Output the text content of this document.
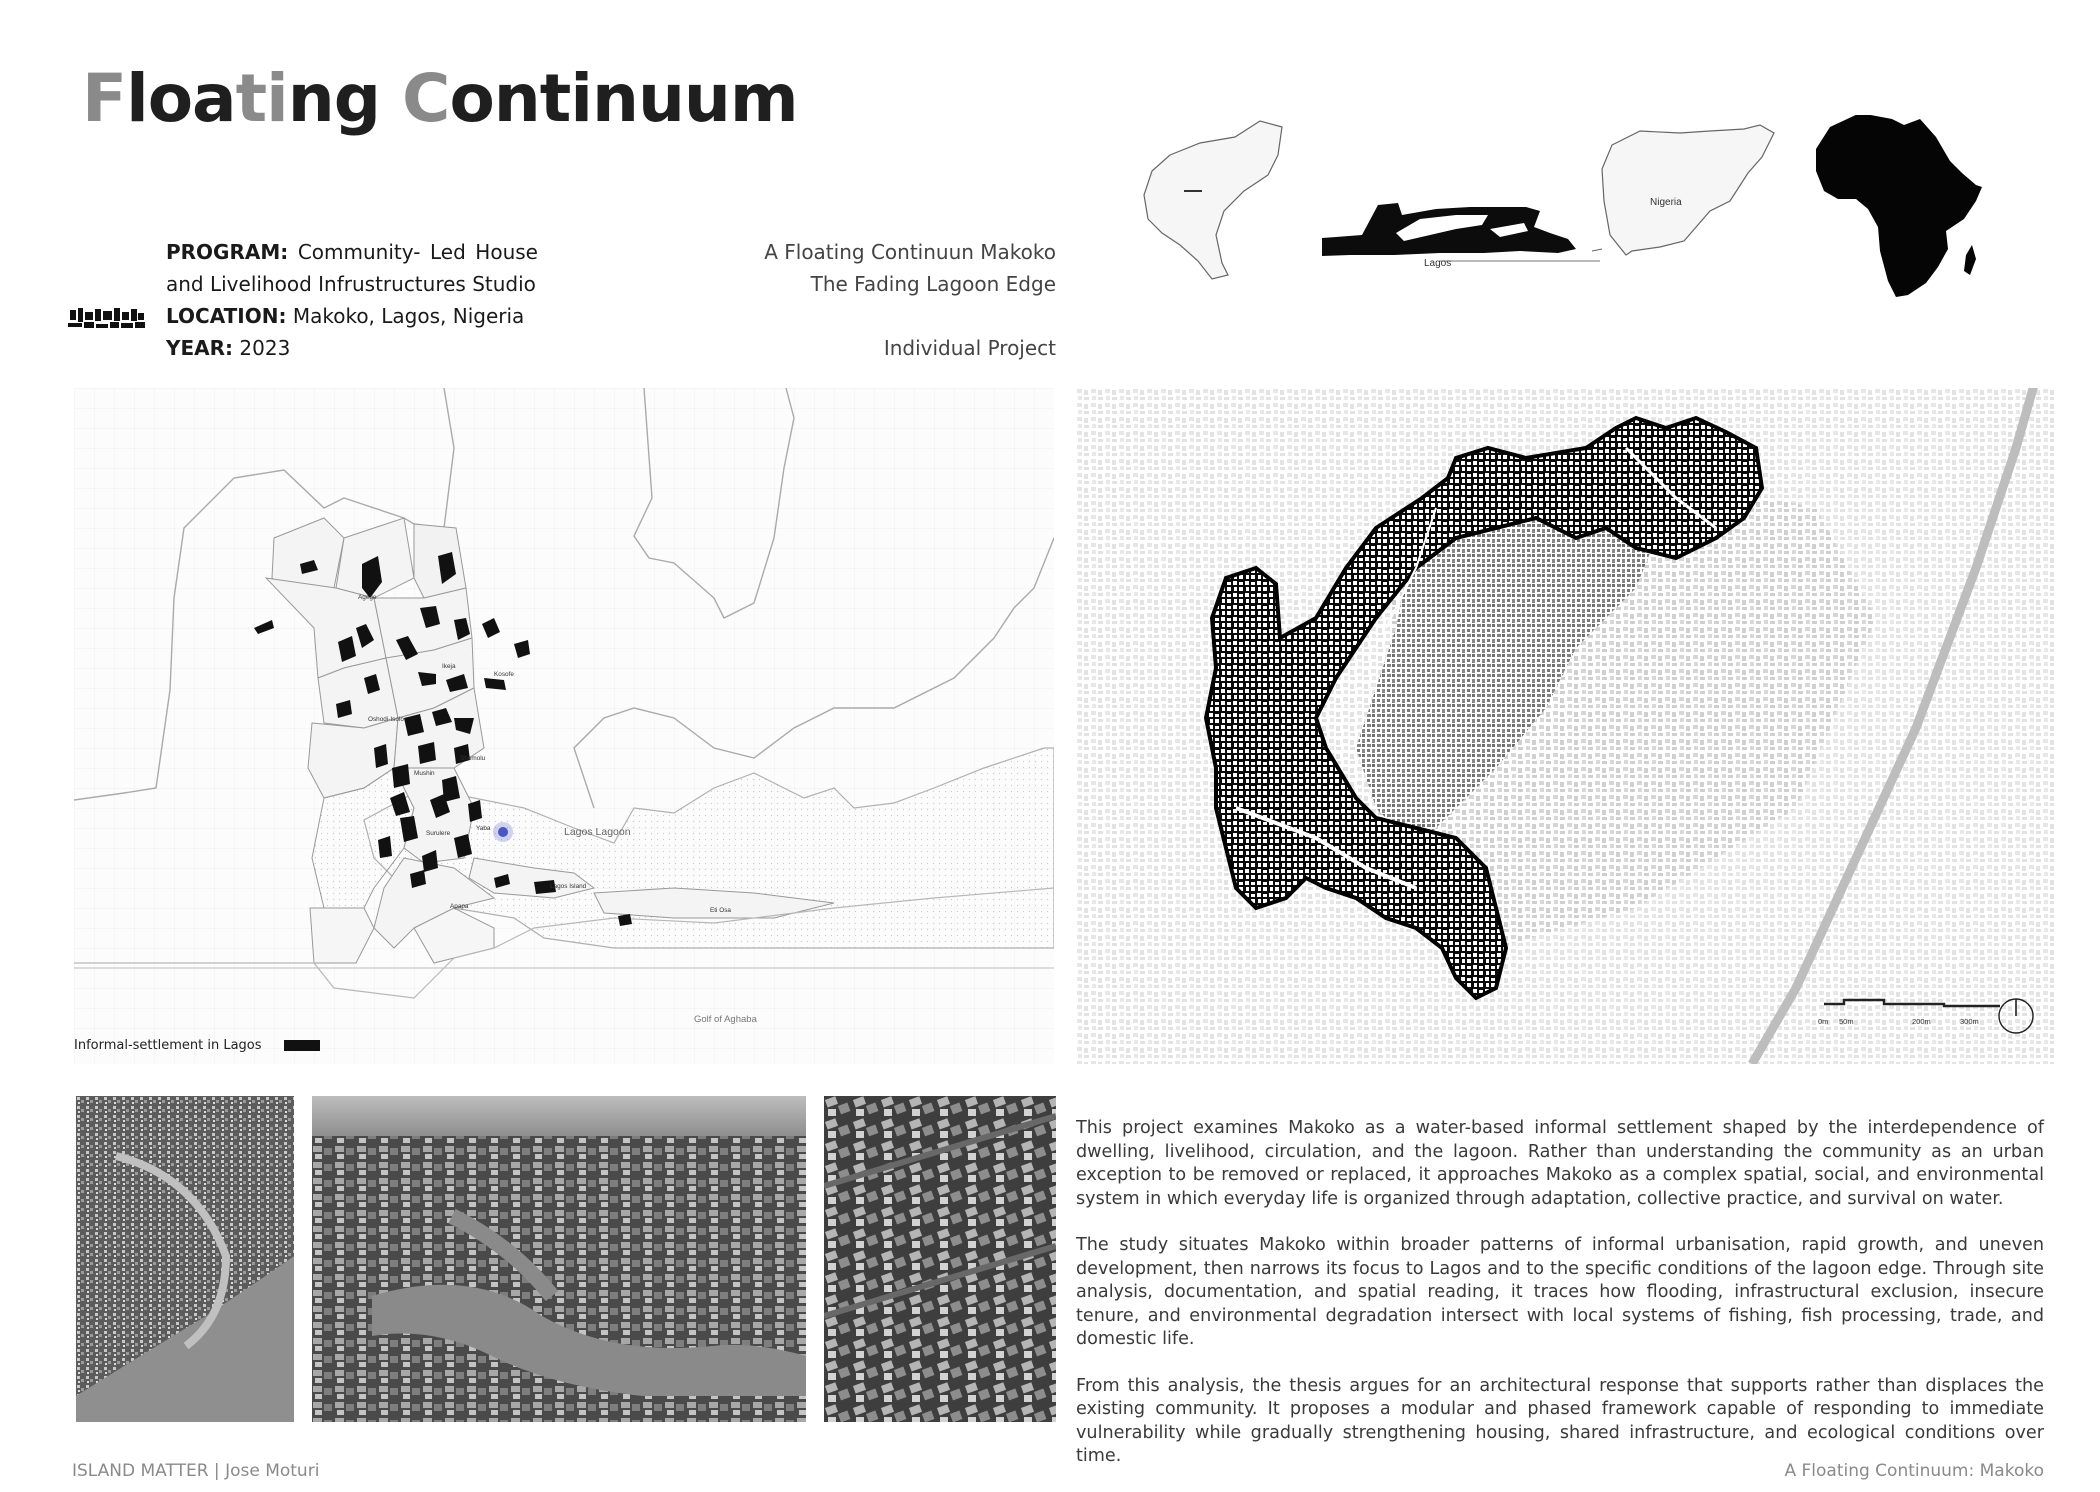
Floating Continuum
PROGRAM: Community- Led House
and Livelihood Infrustructures Studio
LOCATION: Makoko, Lagos, Nigeria
YEAR: 2023
A Floating Continuun Makoko
The Fading Lagoon Edge
Individual Project
Lagos
Nigeria
Agege
Ikeja
Kosofe
Oshodi-Isolo
Mushin
Shomolu
Surulere
Yaba
Lagos Island
Apapa
Eti Osa
Lagos Lagoon
Golf of Aghaba
Informal-settlement in Lagos
0m 50m	200m	300m

This project examines Makoko as a water-based informal settlement shaped by the interdependence of dwelling, livelihood, circulation, and the lagoon. Rather than understanding the community as an urban exception to be removed or replaced, it approaches Makoko as a complex spatial, social, and environmental system in which everyday life is organized through adaptation, collective practice, and survival on water.

The study situates Makoko within broader patterns of informal urbanisation, rapid growth, and uneven development, then narrows its focus to Lagos and to the specific conditions of the lagoon edge. Through site analysis, documentation, and spatial reading, it traces how flooding, infrastructural exclusion, insecure tenure, and environmental degradation intersect with local systems of fishing, fish processing, trade, and domestic life.

From this analysis, the thesis argues for an architectural response that supports rather than displaces the existing community. It proposes a modular and phased framework capable of responding to immediate vulnerability while gradually strengthening housing, shared infrastructure, and ecological conditions over time.

ISLAND MATTER | Jose Moturi	A Floating Continuum: Makoko
